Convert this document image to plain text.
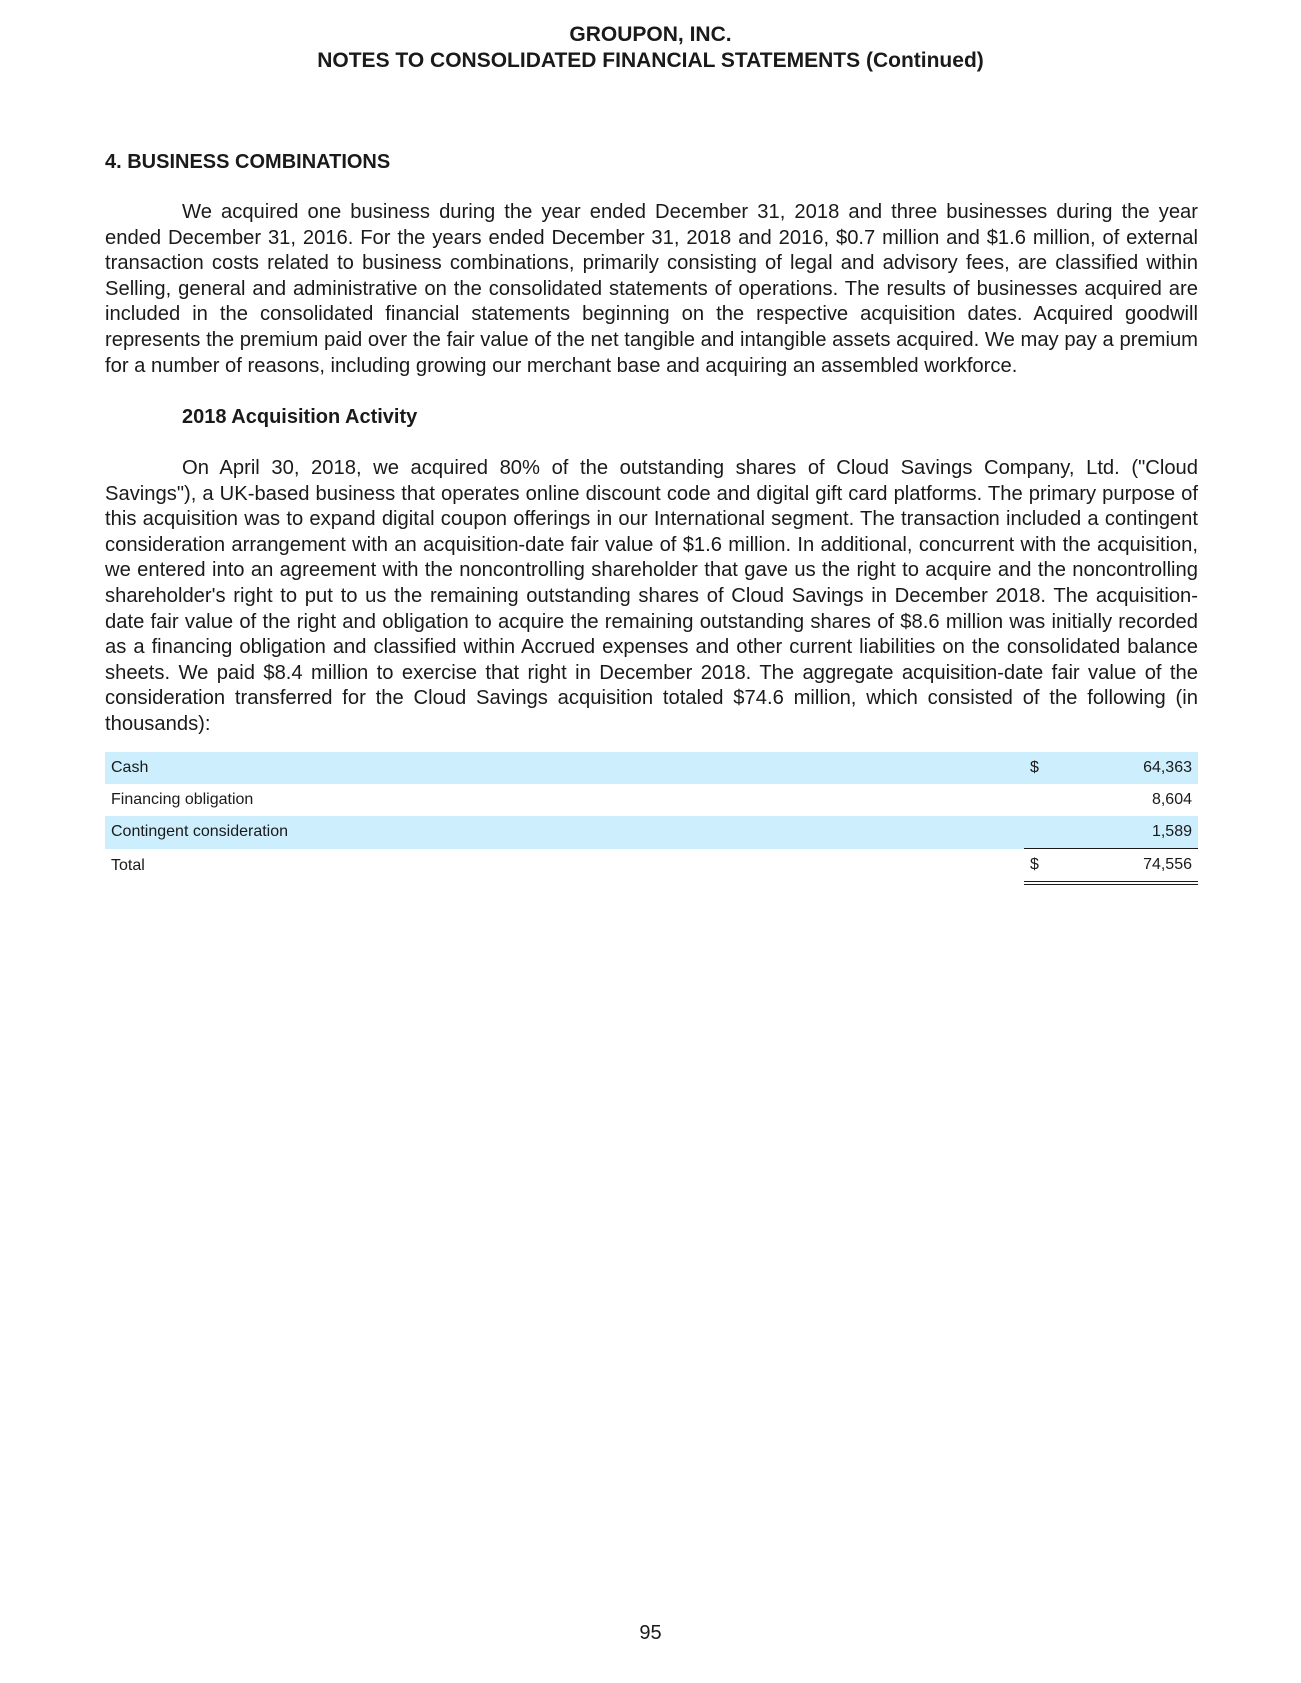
GROUPON, INC.
NOTES TO CONSOLIDATED FINANCIAL STATEMENTS (Continued)
4. BUSINESS COMBINATIONS

We acquired one business during the year ended December 31, 2018 and three businesses during the year ended December 31, 2016. For the years ended December 31, 2018 and 2016, $0.7 million and $1.6 million, of external transaction costs related to business combinations, primarily consisting of legal and advisory fees, are classified within Selling, general and administrative on the consolidated statements of operations. The results of businesses acquired are included in the consolidated financial statements beginning on the respective acquisition dates. Acquired goodwill represents the premium paid over the fair value of the net tangible and intangible assets acquired. We may pay a premium for a number of reasons, including growing our merchant base and acquiring an assembled workforce.

2018 Acquisition Activity

On April 30, 2018, we acquired 80% of the outstanding shares of Cloud Savings Company, Ltd. ("Cloud Savings"), a UK-based business that operates online discount code and digital gift card platforms. The primary purpose of this acquisition was to expand digital coupon offerings in our International segment. The transaction included a contingent consideration arrangement with an acquisition-date fair value of $1.6 million. In additional, concurrent with the acquisition, we entered into an agreement with the noncontrolling shareholder that gave us the right to acquire and the noncontrolling shareholder's right to put to us the remaining outstanding shares of Cloud Savings in December 2018. The acquisition-date fair value of the right and obligation to acquire the remaining outstanding shares of $8.6 million was initially recorded as a financing obligation and classified within Accrued expenses and other current liabilities on the consolidated balance sheets. We paid $8.4 million to exercise that right in December 2018. The aggregate acquisition-date fair value of the consideration transferred for the Cloud Savings acquisition totaled $74.6 million, which consisted of the following (in thousands):

Cash		$	64,363
Financing obligation			8,604
Contingent consideration			1,589
Total		$	74,556
95
